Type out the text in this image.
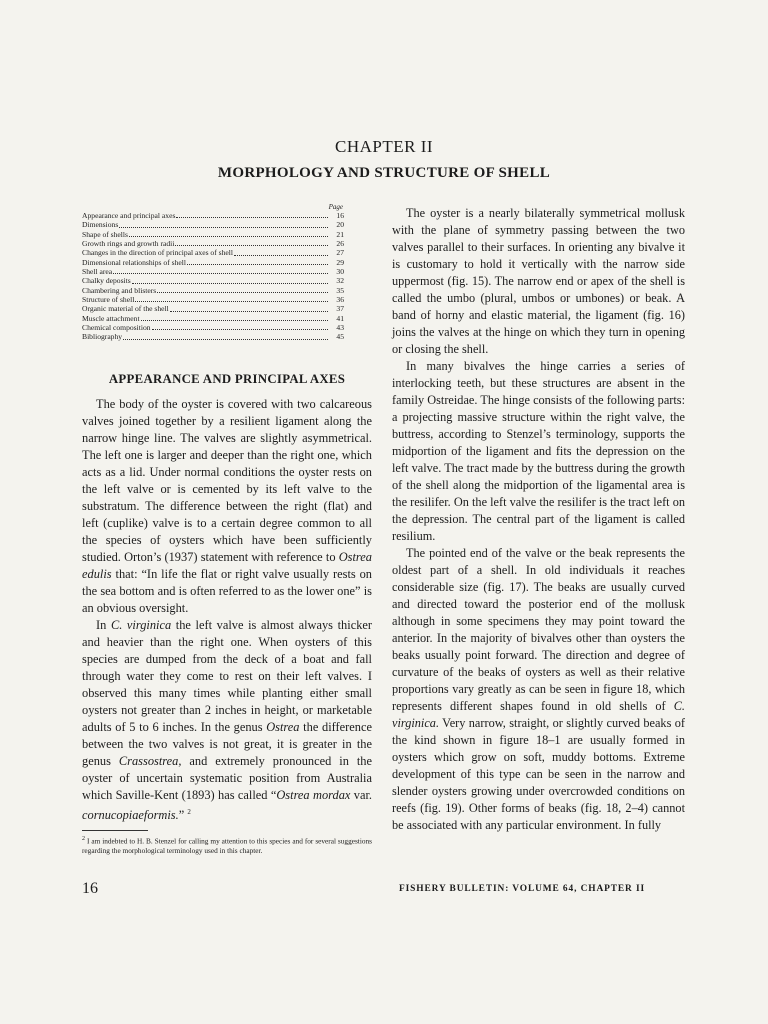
CHAPTER II
MORPHOLOGY AND STRUCTURE OF SHELL
Page
Appearance and principal axes	16
Dimensions	20
Shape of shells	21
Growth rings and growth radii	26
Changes in the direction of principal axes of shell	27
Dimensional relationships of shell	29
Shell area	30
Chalky deposits	32
Chambering and blisters	35
Structure of shell	36
Organic material of the shell	37
Muscle attachment	41
Chemical composition	43
Bibliography	45
APPEARANCE AND PRINCIPAL AXES

The body of the oyster is covered with two calcareous valves joined together by a resilient ligament along the narrow hinge line. The valves are slightly asymmetrical. The left one is larger and deeper than the right one, which acts as a lid. Under normal conditions the oyster rests on the left valve or is cemented by its left valve to the substratum. The difference between the right (flat) and left (cuplike) valve is to a certain degree common to all the species of oysters which have been sufficiently studied. Orton’s (1937) statement with reference to Ostrea edulis that: “In life the flat or right valve usually rests on the sea bottom and is often referred to as the lower one” is an obvious oversight.

In C. virginica the left valve is almost always thicker and heavier than the right one. When oysters of this species are dumped from the deck of a boat and fall through water they come to rest on their left valves. I observed this many times while planting either small oysters not greater than 2 inches in height, or marketable adults of 5 to 6 inches. In the genus Ostrea the difference between the two valves is not great, it is greater in the genus Crassostrea, and extremely pronounced in the oyster of uncertain systematic position from Australia which Saville-Kent (1893) has called “Ostrea mordax var. cornucopiaeformis.” $^2$

$^2$ I am indebted to H. B. Stenzel for calling my attention to this species and for several suggestions regarding the morphological terminology used in this chapter.

The oyster is a nearly bilaterally symmetrical mollusk with the plane of symmetry passing between the two valves parallel to their surfaces. In orienting any bivalve it is customary to hold it vertically with the narrow side uppermost (fig. 15). The narrow end or apex of the shell is called the umbo (plural, umbos or umbones) or beak. A band of horny and elastic material, the ligament (fig. 16) joins the valves at the hinge on which they turn in opening or closing the shell.

In many bivalves the hinge carries a series of interlocking teeth, but these structures are absent in the family Ostreidae. The hinge consists of the following parts: a projecting massive structure within the right valve, the buttress, according to Stenzel’s terminology, supports the midportion of the ligament and fits the depression on the left valve. The tract made by the buttress during the growth of the shell along the midportion of the ligamental area is the resilifer. On the left valve the resilifer is the tract left on the depression. The central part of the ligament is called resilium.

The pointed end of the valve or the beak represents the oldest part of a shell. In old individuals it reaches considerable size (fig. 17). The beaks are usually curved and directed toward the posterior end of the mollusk although in some specimens they may point toward the anterior. In the majority of bivalves other than oysters the beaks usually point forward. The direction and degree of curvature of the beaks of oysters as well as their relative proportions vary greatly as can be seen in figure 18, which represents different shapes found in old shells of C. virginica. Very narrow, straight, or slightly curved beaks of the kind shown in figure 18–1 are usually formed in oysters which grow on soft, muddy bottoms. Extreme development of this type can be seen in the narrow and slender oysters growing under overcrowded conditions on reefs (fig. 19). Other forms of beaks (fig. 18, 2–4) cannot be associated with any particular environment. In fully

16	FISHERY BULLETIN: VOLUME 64, CHAPTER II
